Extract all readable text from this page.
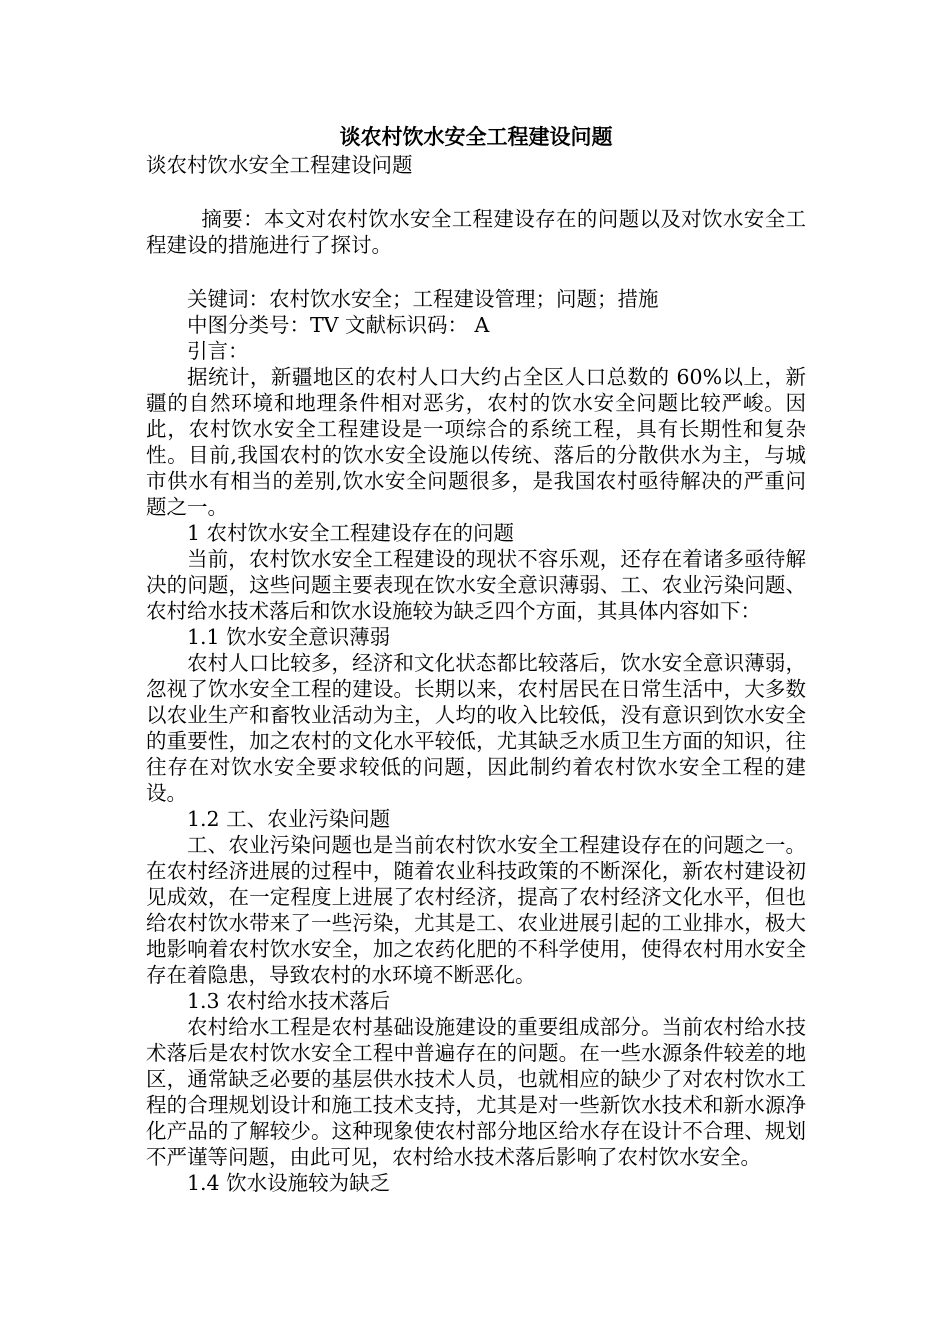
谈农村饮水安全工程建设问题

谈农村饮水安全工程建设问题

摘要：本文对农村饮水安全工程建设存在的问题以及对饮水安全工程建设的措施进行了探讨。

关键词：农村饮水安全；工程建设管理；问题；措施

中图分类号：TV 文献标识码： A

引言：

据统计，新疆地区的农村人口大约占全区人口总数的 60%以上，新疆的自然环境和地理条件相对恶劣，农村的饮水安全问题比较严峻。因此，农村饮水安全工程建设是一项综合的系统工程，具有长期性和复杂性。目前,我国农村的饮水安全设施以传统、落后的分散供水为主，与城市供水有相当的差别,饮水安全问题很多，是我国农村亟待解决的严重问题之一。

1 农村饮水安全工程建设存在的问题

当前，农村饮水安全工程建设的现状不容乐观，还存在着诸多亟待解决的问题，这些问题主要表现在饮水安全意识薄弱、工、农业污染问题、农村给水技术落后和饮水设施较为缺乏四个方面，其具体内容如下：

1.1 饮水安全意识薄弱

农村人口比较多，经济和文化状态都比较落后，饮水安全意识薄弱，忽视了饮水安全工程的建设。长期以来，农村居民在日常生活中，大多数以农业生产和畜牧业活动为主，人均的收入比较低，没有意识到饮水安全的重要性，加之农村的文化水平较低，尤其缺乏水质卫生方面的知识，往往存在对饮水安全要求较低的问题，因此制约着农村饮水安全工程的建设。

1.2 工、农业污染问题

工、农业污染问题也是当前农村饮水安全工程建设存在的问题之一。在农村经济进展的过程中，随着农业科技政策的不断深化，新农村建设初见成效，在一定程度上进展了农村经济，提高了农村经济文化水平，但也给农村饮水带来了一些污染，尤其是工、农业进展引起的工业排水，极大地影响着农村饮水安全，加之农药化肥的不科学使用，使得农村用水安全存在着隐患，导致农村的水环境不断恶化。

1.3 农村给水技术落后

农村给水工程是农村基础设施建设的重要组成部分。当前农村给水技术落后是农村饮水安全工程中普遍存在的问题。在一些水源条件较差的地区，通常缺乏必要的基层供水技术人员，也就相应的缺少了对农村饮水工程的合理规划设计和施工技术支持，尤其是对一些新饮水技术和新水源净化产品的了解较少。这种现象使农村部分地区给水存在设计不合理、规划不严谨等问题，由此可见，农村给水技术落后影响了农村饮水安全。

1.4 饮水设施较为缺乏
